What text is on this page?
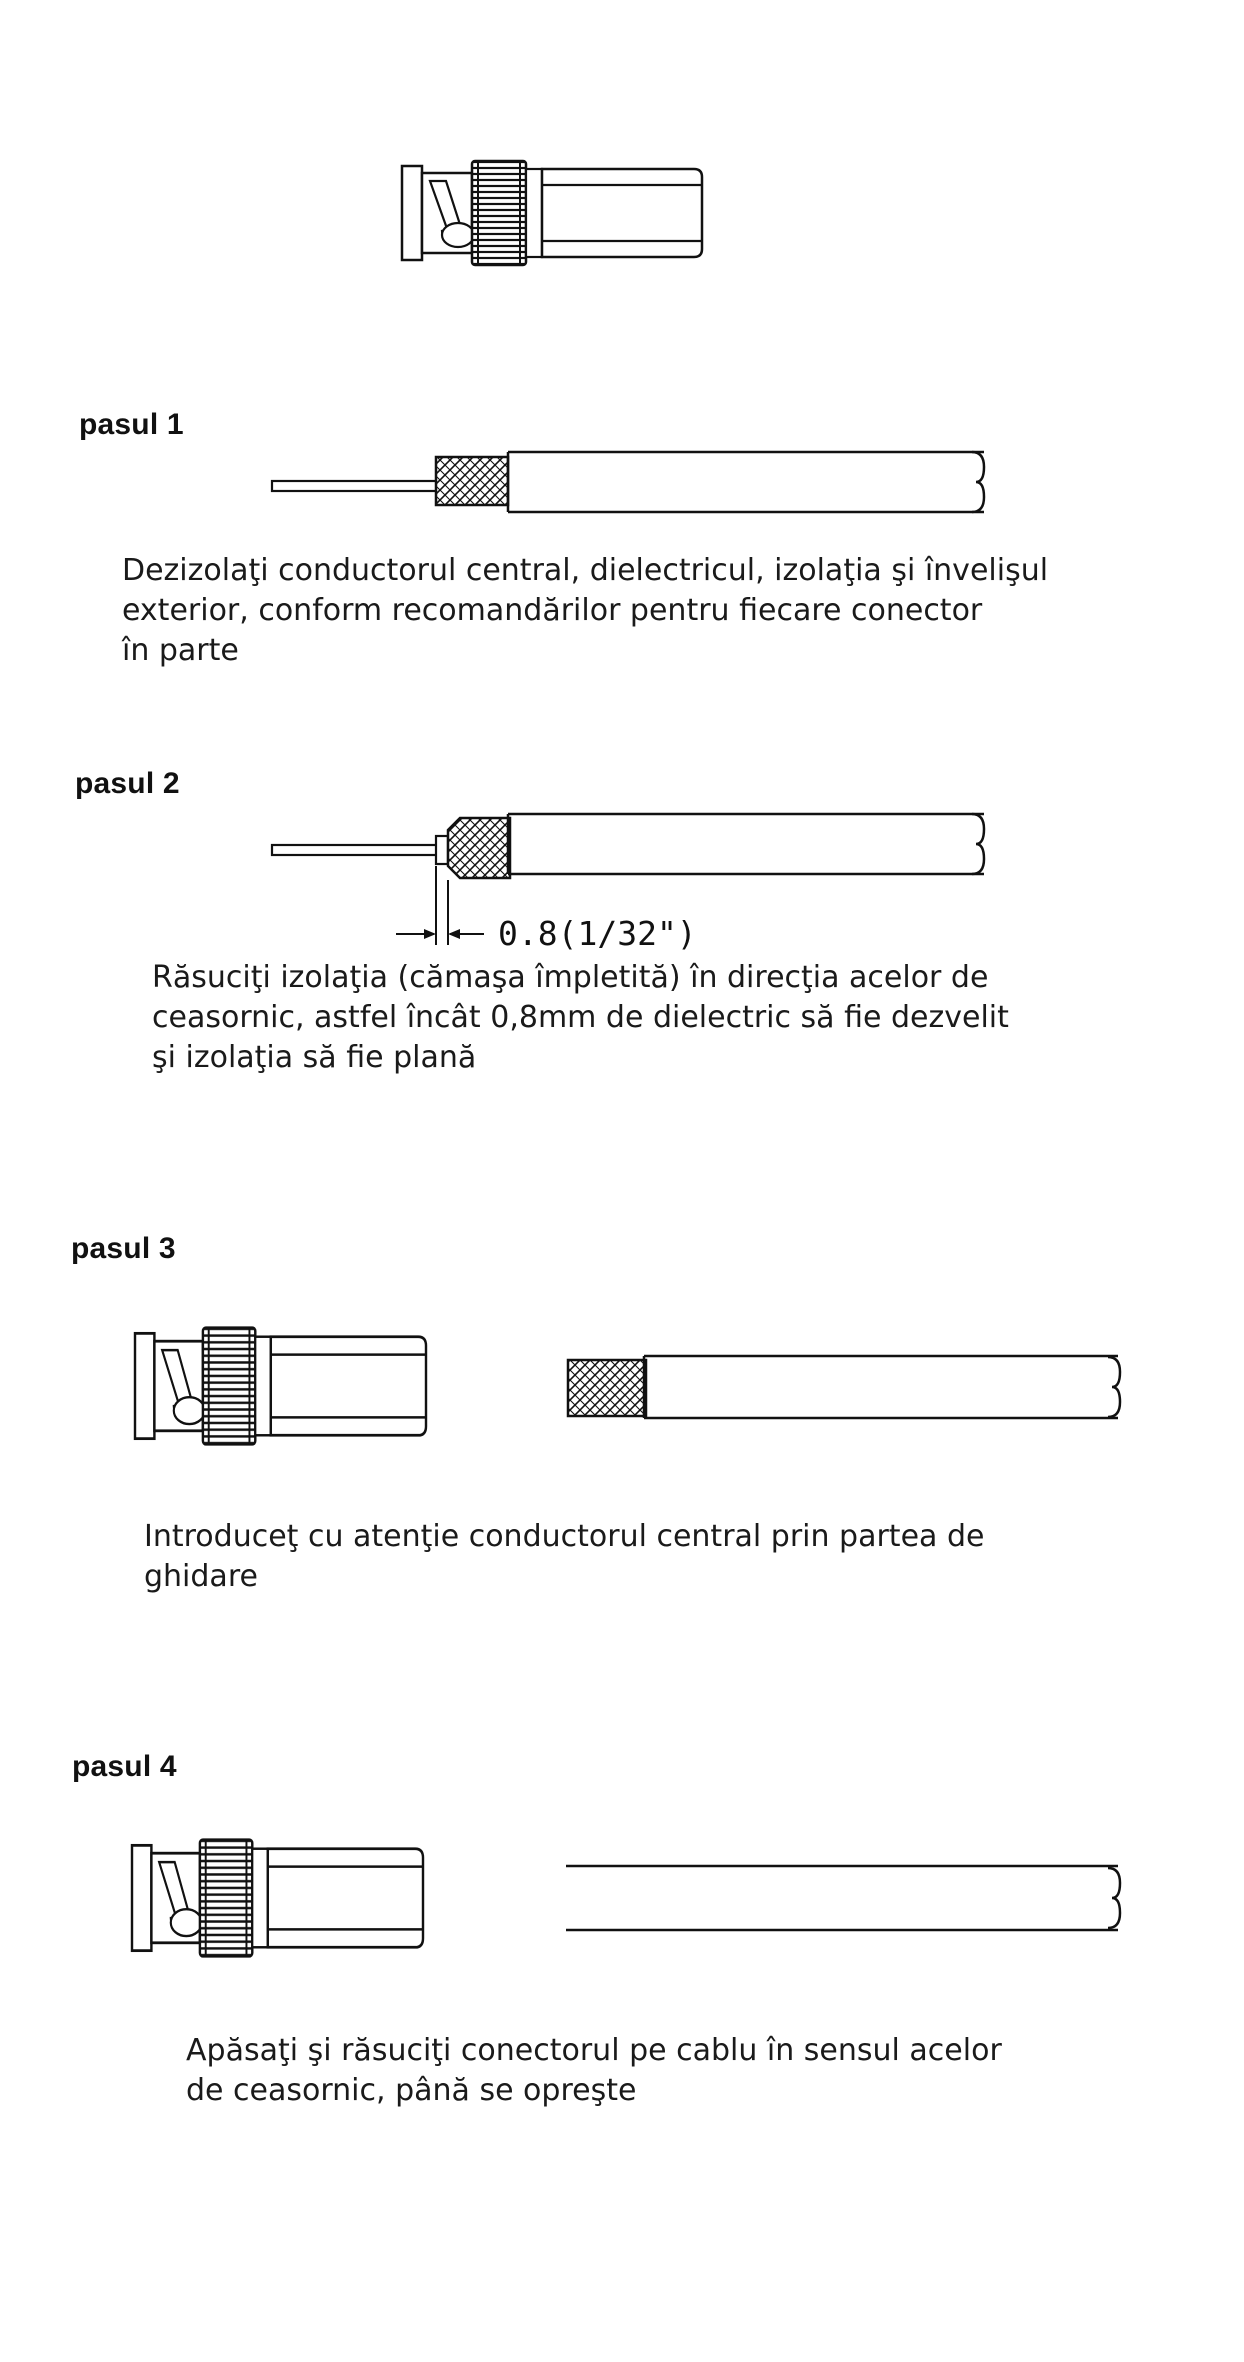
pasul 1

Dezizolaţi conductorul central, dielectricul, izolaţia şi învelişul
exterior, conform recomandărilor pentru fiecare conector
în parte

pasul 2
0.8(1/32")

Răsuciţi izolaţia (cămaşa împletită) în direcţia acelor de
ceasornic, astfel încât 0,8mm de dielectric să fie dezvelit
şi izolaţia să fie plană

pasul 3

Introduceţ cu atenţie conductorul central prin partea de
ghidare

pasul 4

Apăsaţi şi răsuciţi conectorul pe cablu în sensul acelor
de ceasornic, până se opreşte
